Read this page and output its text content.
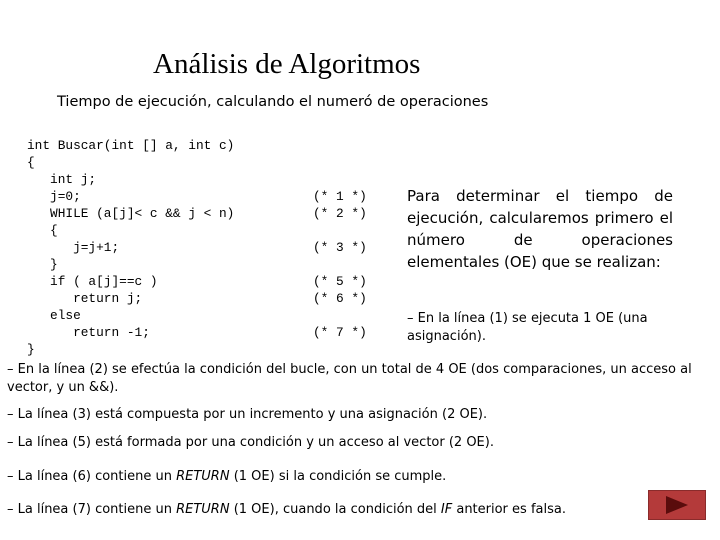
Análisis de Algoritmos
Tiempo de ejecución, calculando el numeró de operaciones
int Buscar(int [] a, int c)
{
int j;
j=0;
WHILE (a[j]< c && j < n)
{
j=j+1;
}
if ( a[j]==c )
return j;
else
return -1;
}
(* 1 *)
(* 2 *)
(* 3 *)
(* 5 *)
(* 6 *)
(* 7 *)
Para determinar el tiempo de ejecución, calcularemos primero el número de operaciones elementales (OE) que se realizan:
– En la línea (1) se ejecuta 1 OE (una asignación).
– En la línea (2) se efectúa la condición del bucle, con un total de 4 OE (dos comparaciones, un acceso al vector, y un &&).
– La línea (3) está compuesta por un incremento y una asignación (2 OE).
– La línea (5) está formada por una condición y un acceso al vector (2 OE).
– La línea (6) contiene un RETURN (1 OE) si la condición se cumple.
– La línea (7) contiene un RETURN (1 OE), cuando la condición del IF anterior es falsa.
